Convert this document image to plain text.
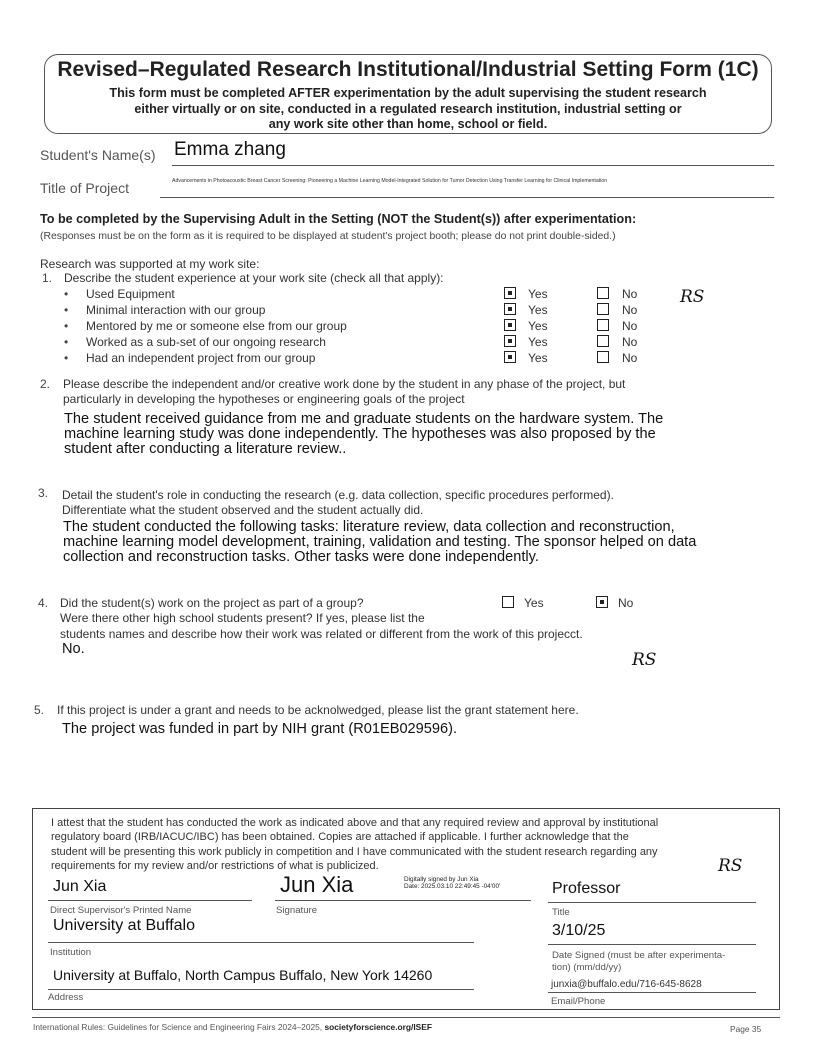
Revised–Regulated Research Institutional/Industrial Setting Form (1C)
This form must be completed AFTER experimentation by the adult supervising the student research
either virtually or on site, conducted in a regulated research institution, industrial setting or
any work site other than home, school or field.
Student's Name(s) Emma zhang
Title of Project	Advancements in Photoacoustic Breast Cancer Screening: Pioneering a Machine Learning Model-Integrated Solution for Tumor Detection Using Transfer Learning for Clinical Implementation
To be completed by the Supervising Adult in the Setting (NOT the Student(s)) after experimentation:
(Responses must be on the form as it is required to be displayed at student's project booth; please do not print double-sided.)
Research was supported at my work site:
1. Describe the student experience at your work site (check all that apply):
• Used Equipment	Yes	No
• Minimal interaction with our group	Yes	No
• Mentored by me or someone else from our group	Yes	No
• Worked as a sub-set of our ongoing research	Yes	No
• Had an independent project from our group	Yes	No
RS
2. Please describe the independent and/or creative work done by the student in any phase of the project, but
particularly in developing the hypotheses or engineering goals of the project
The student received guidance from me and graduate students on the hardware system. The
machine learning study was done independently. The hypotheses was also proposed by the
student after conducting a literature review..
3. Detail the student's role in conducting the research (e.g. data collection, specific procedures performed).
Differentiate what the student observed and the student actually did.
The student conducted the following tasks: literature review, data collection and reconstruction,
machine learning model development, training, validation and testing. The sponsor helped on data
collection and reconstruction tasks. Other tasks were done independently.
4. Did the student(s) work on the project as part of a group?
Were there other high school students present? If yes, please list the
students names and describe how their work was related or different from the work of this projecct.
Yes	No
No.
RS
5. If this project is under a grant and needs to be acknolwedged, please list the grant statement here.
The project was funded in part by NIH grant (R01EB029596).
I attest that the student has conducted the work as indicated above and that any required review and approval by institutional
regulatory board (IRB/IACUC/IBC) has been obtained. Copies are attached if applicable. I further acknowledge that the
student will be presenting this work publicly in competition and I have communicated with the student research regarding any
requirements for my review and/or restrictions of what is publicized.	RS
Jun Xia
Direct Supervisor's Printed Name
Jun Xia	Digitally signed by Jun Xia
Date: 2025.03.10 22:49:45 -04'00'
Signature
Professor
Title
University at Buffalo
Institution
3/10/25
Date Signed (must be after experimenta-
tion) (mm/dd/yy)
University at Buffalo, North Campus Buffalo, New York 14260
Address
junxia@buffalo.edu/716-645-8628
Email/Phone
International Rules: Guidelines for Science and Engineering Fairs 2024–2025, societyforscience.org/ISEF	Page 35
